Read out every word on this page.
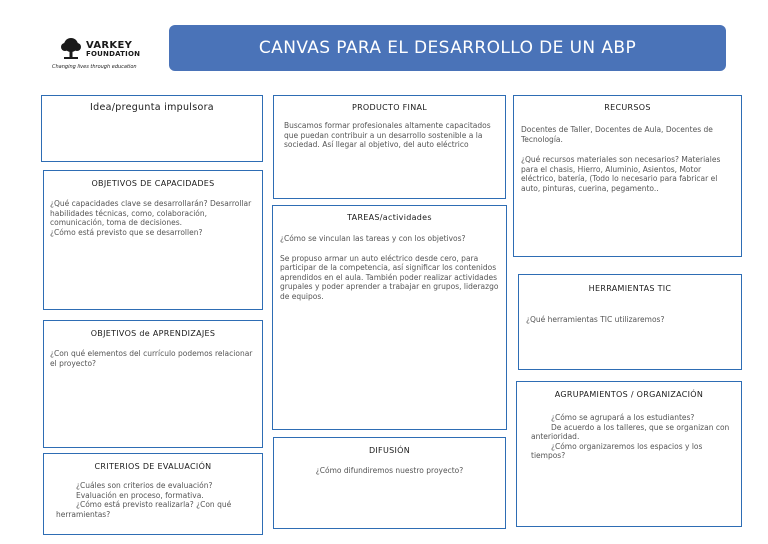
VARKEY
FOUNDATION
Changing lives through education
CANVAS PARA EL DESARROLLO DE UN ABP
Idea/pregunta impulsora
OBJETIVOS DE CAPACIDADES

¿Qué capacidades clave se desarrollarán? Desarrollar habilidades técnicas, como, colaboración, comunicación, toma de decisiones.

¿Cómo está previsto que se desarrollen?

OBJETIVOS de APRENDIZAJES

¿Con qué elementos del currículo podemos relacionar el proyecto?

CRITERIOS DE EVALUACIÓN

¿Cuáles son criterios de evaluación?

Evaluación en proceso, formativa.

¿Cómo está previsto realizarla? ¿Con qué herramientas?

PRODUCTO FINAL

Buscamos formar profesionales altamente capacitados que puedan contribuir a un desarrollo sostenible a la sociedad. Así llegar al objetivo, del auto eléctrico

TAREAS/actividades

¿Cómo se vinculan las tareas y con los objetivos?

Se propuso armar un auto eléctrico desde cero, para participar de la competencia, así significar los contenidos aprendidos en el aula. También poder realizar actividades grupales y poder aprender a trabajar en grupos, liderazgo de equipos.

DIFUSIÓN

¿Cómo difundiremos nuestro proyecto?

RECURSOS

Docentes de Taller, Docentes de Aula, Docentes de Tecnología.

¿Qué recursos materiales son necesarios? Materiales para el chasis, Hierro, Aluminio, Asientos, Motor eléctrico, batería, (Todo lo necesario para fabricar el auto, pinturas, cuerina, pegamento..

HERRAMIENTAS TIC

¿Qué herramientas TIC utilizaremos?

AGRUPAMIENTOS / ORGANIZACIÓN

¿Cómo se agrupará a los estudiantes?

De acuerdo a los talleres, que se organizan con anterioridad.

¿Cómo organizaremos los espacios y los tiempos?
